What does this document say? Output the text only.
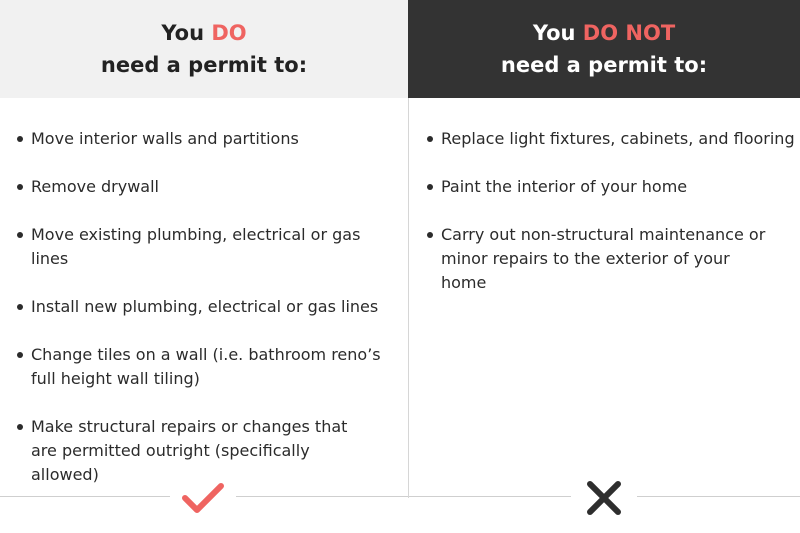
You DO
need a permit to:
You DO NOT
need a permit to:
Move interior walls and partitions
Remove drywall
Move existing plumbing, electrical or gas lines
Install new plumbing, electrical or gas lines
Change tiles on a wall (i.e. bathroom reno’s full height wall tiling)
Make structural repairs or changes that are permitted outright (specifically allowed)
Replace light fixtures, cabinets, and flooring
Paint the interior of your home
Carry out non-structural maintenance or minor repairs to the exterior of your home
